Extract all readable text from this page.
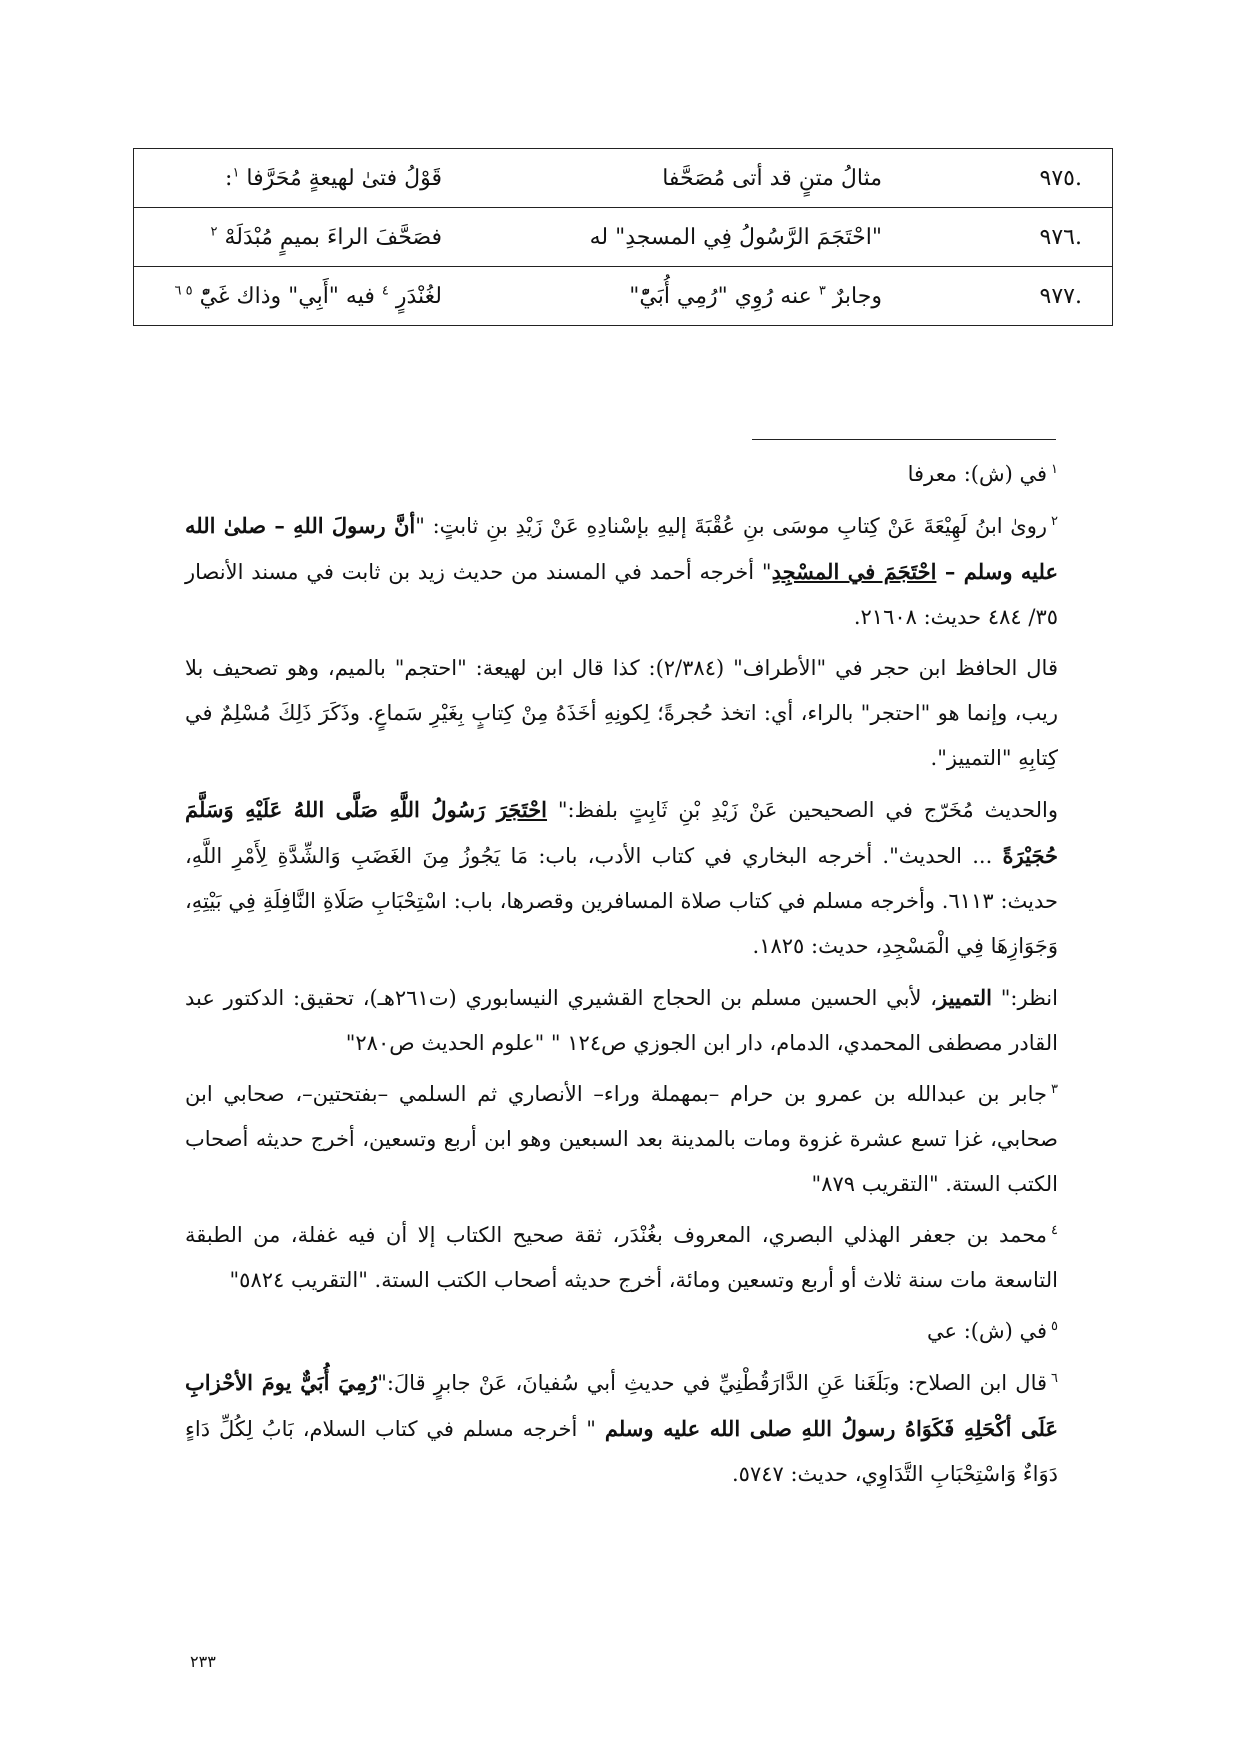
.٩٧٥	مثالُ متنٍ قد أتى مُصَحَّفا	قَوْلُ فتىٰ لهيعةٍ مُحَرَّفا $^١$:
.٩٧٦	"احْتَجَمَ الرَّسُولُ فِي المسجدِ" له	فصَحَّفَ الراءَ بميمٍ مُبْدَلَهْ $^٢$
.٩٧٧	وجابرٌ $^٣$ عنه رُوِي "رُمِي أُبَيّْ"	لغُنْدَرٍ $^٤$ فيه "أَبِي" وذاك غَيّْ $^{٥ ٦}$
$^١$في (ش): معرفا

$^٢$روىٰ ابنُ لَهِيْعَةَ عَنْ كِتابِ موسَى بنِ عُقْبَةَ إليهِ بإسْنادِهِ عَنْ زَيْدِ بنِ ثابتٍ: "أنَّ رسولَ اللهِ – صلىٰ الله عليه وسلم – احْتَجَمَ في المسْجِدِ" أخرجه أحمد في المسند من حديث زيد بن ثابت في مسند الأنصار ٣٥/ ٤٨٤ حديث: ٢١٦٠٨.

قال الحافظ ابن حجر في "الأطراف" (٢/٣٨٤): كذا قال ابن لهيعة: "احتجم" بالميم، وهو تصحيف بلا ريب، وإنما هو "احتجر" بالراء، أي: اتخذ حُجرةً؛ لِكونِهِ أخَذَهُ مِنْ كِتابٍ بِغَيْرِ سَماعٍ. وذَكَرَ ذَلِكَ مُسْلِمٌ في كِتابِهِ "التمييز".

والحديث مُخَرّج في الصحيحين عَنْ زَيْدِ بْنِ ثَابِتٍ بلفظ:" احْتَجَرَ رَسُولُ اللَّهِ صَلَّى اللهُ عَلَيْهِ وَسَلَّمَ حُجَيْرَةً ... الحديث". أخرجه البخاري في كتاب الأدب، باب: مَا يَجُوزُ مِنَ الغَضَبِ وَالشِّدَّةِ لِأَمْرِ اللَّهِ، حديث: ٦١١٣. وأخرجه مسلم في كتاب صلاة المسافرين وقصرها، باب: اسْتِحْبَابِ صَلَاةِ النَّافِلَةِ فِي بَيْتِهِ، وَجَوَازِهَا فِي الْمَسْجِدِ، حديث: ١٨٢٥.

انظر:" التمييز، لأبي الحسين مسلم بن الحجاج القشيري النيسابوري (ت٢٦١هـ)، تحقيق: الدكتور عبد القادر مصطفى المحمدي، الدمام، دار ابن الجوزي ص١٢٤ " "علوم الحديث ص٢٨٠"

$^٣$جابر بن عبدالله بن عمرو بن حرام –بمهملة وراء– الأنصاري ثم السلمي –بفتحتين–، صحابي ابن صحابي، غزا تسع عشرة غزوة ومات بالمدينة بعد السبعين وهو ابن أربع وتسعين، أخرج حديثه أصحاب الكتب الستة. "التقريب ٨٧٩"
$^٤$محمد بن جعفر الهذلي البصري، المعروف بغُنْدَر، ثقة صحيح الكتاب إلا أن فيه غفلة، من الطبقة التاسعة مات سنة ثلاث أو أربع وتسعين ومائة، أخرج حديثه أصحاب الكتب الستة. "التقريب ٥٨٢٤"
$^٥$في (ش): عي
$^٦$قال ابن الصلاح: وبَلَغَنا عَنِ الدَّارَقُطْنِيِّ في حديثِ أبي سُفيانَ، عَنْ جابرٍ قالَ:"رُمِيَ أُبَيٌّ يومَ الأحْزابِ عَلَى أكْحَلِهِ فَكَوَاهُ رسولُ اللهِ صلى الله عليه وسلم " أخرجه مسلم في كتاب السلام، بَابُ لِكُلِّ دَاءٍ دَوَاءٌ وَاسْتِحْبَابِ التَّدَاوِي، حديث: ٥٧٤٧.
٢٣٣
